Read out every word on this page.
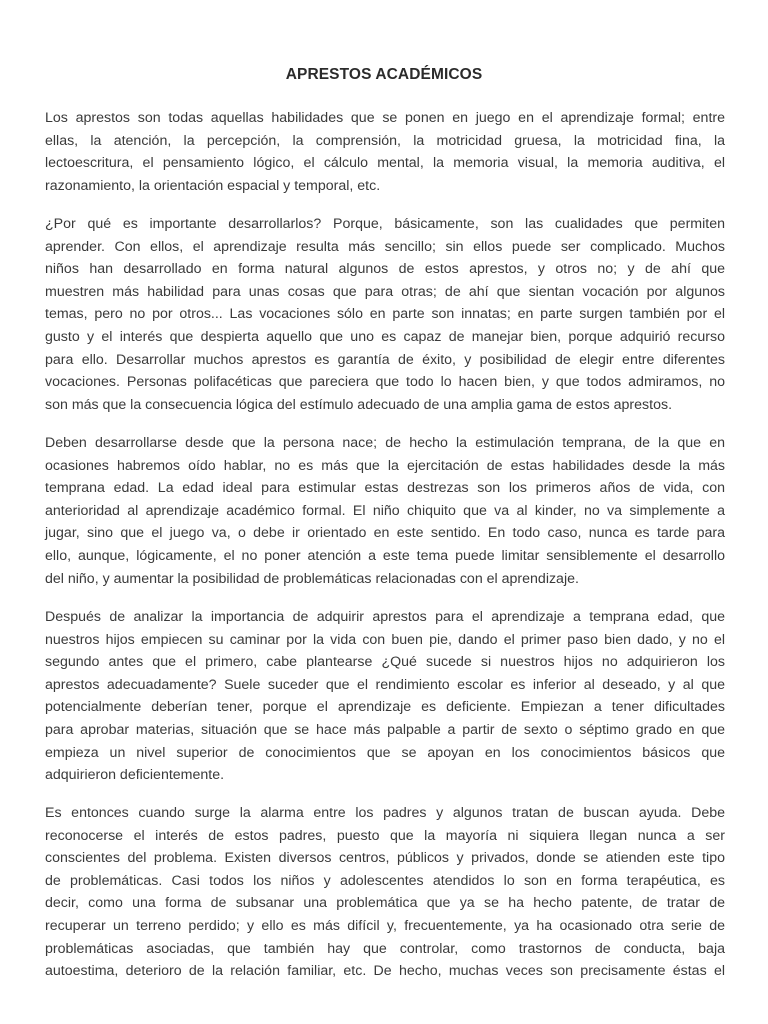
APRESTOS ACADÉMICOS
Los aprestos son todas aquellas habilidades que se ponen en juego en el aprendizaje formal; entre
ellas, la atención, la percepción, la comprensión, la motricidad gruesa, la motricidad fina, la
lectoescritura, el pensamiento lógico, el cálculo mental, la memoria visual, la memoria auditiva, el
razonamiento, la orientación espacial y temporal, etc.
¿Por qué es importante desarrollarlos? Porque, básicamente, son las cualidades que permiten
aprender. Con ellos, el aprendizaje resulta más sencillo; sin ellos puede ser complicado. Muchos
niños han desarrollado en forma natural algunos de estos aprestos, y otros no; y de ahí que
muestren más habilidad para unas cosas que para otras; de ahí que sientan vocación por algunos
temas, pero no por otros... Las vocaciones sólo en parte son innatas; en parte surgen también por el
gusto y el interés que despierta aquello que uno es capaz de manejar bien, porque adquirió recurso
para ello. Desarrollar muchos aprestos es garantía de éxito, y posibilidad de elegir entre diferentes
vocaciones. Personas polifacéticas que pareciera que todo lo hacen bien, y que todos admiramos, no
son más que la consecuencia lógica del estímulo adecuado de una amplia gama de estos aprestos.
Deben desarrollarse desde que la persona nace; de hecho la estimulación temprana, de la que en
ocasiones habremos oído hablar, no es más que la ejercitación de estas habilidades desde la más
temprana edad. La edad ideal para estimular estas destrezas son los primeros años de vida, con
anterioridad al aprendizaje académico formal. El niño chiquito que va al kinder, no va simplemente a
jugar, sino que el juego va, o debe ir orientado en este sentido. En todo caso, nunca es tarde para
ello, aunque, lógicamente, el no poner atención a este tema puede limitar sensiblemente el desarrollo
del niño, y aumentar la posibilidad de problemáticas relacionadas con el aprendizaje.
Después de analizar la importancia de adquirir aprestos para el aprendizaje a temprana edad, que
nuestros hijos empiecen su caminar por la vida con buen pie, dando el primer paso bien dado, y no el
segundo antes que el primero, cabe plantearse ¿Qué sucede si nuestros hijos no adquirieron los
aprestos adecuadamente? Suele suceder que el rendimiento escolar es inferior al deseado, y al que
potencialmente deberían tener, porque el aprendizaje es deficiente. Empiezan a tener dificultades
para aprobar materias, situación que se hace más palpable a partir de sexto o séptimo grado en que
empieza un nivel superior de conocimientos que se apoyan en los conocimientos básicos que
adquirieron deficientemente.
Es entonces cuando surge la alarma entre los padres y algunos tratan de buscan ayuda. Debe
reconocerse el interés de estos padres, puesto que la mayoría ni siquiera llegan nunca a ser
conscientes del problema. Existen diversos centros, públicos y privados, donde se atienden este tipo
de problemáticas. Casi todos los niños y adolescentes atendidos lo son en forma terapéutica, es
decir, como una forma de subsanar una problemática que ya se ha hecho patente, de tratar de
recuperar un terreno perdido; y ello es más difícil y, frecuentemente, ya ha ocasionado otra serie de
problemáticas asociadas, que también hay que controlar, como trastornos de conducta, baja
autoestima, deterioro de la relación familiar, etc. De hecho, muchas veces son precisamente éstas el
